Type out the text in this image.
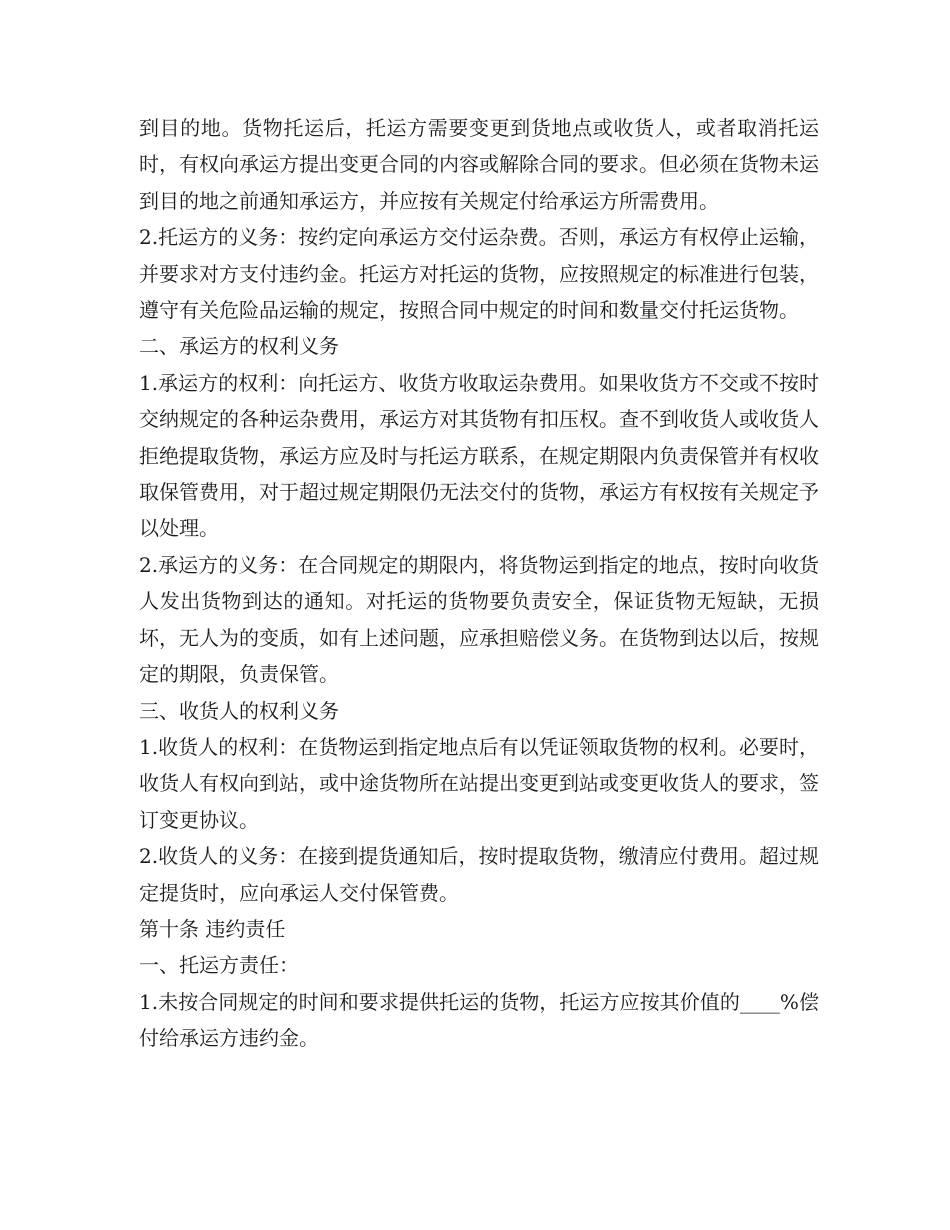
到目的地。货物托运后，托运方需要变更到货地点或收货人，或者取消托运时，有权向承运方提出变更合同的内容或解除合同的要求。但必须在货物未运到目的地之前通知承运方，并应按有关规定付给承运方所需费用。

2.托运方的义务：按约定向承运方交付运杂费。否则，承运方有权停止运输，并要求对方支付违约金。托运方对托运的货物，应按照规定的标准进行包装，遵守有关危险品运输的规定，按照合同中规定的时间和数量交付托运货物。

二、承运方的权利义务

1.承运方的权利：向托运方、收货方收取运杂费用。如果收货方不交或不按时交纳规定的各种运杂费用，承运方对其货物有扣压权。查不到收货人或收货人拒绝提取货物，承运方应及时与托运方联系，在规定期限内负责保管并有权收取保管费用，对于超过规定期限仍无法交付的货物，承运方有权按有关规定予以处理。

2.承运方的义务：在合同规定的期限内，将货物运到指定的地点，按时向收货人发出货物到达的通知。对托运的货物要负责安全，保证货物无短缺，无损坏，无人为的变质，如有上述问题，应承担赔偿义务。在货物到达以后，按规定的期限，负责保管。

三、收货人的权利义务

1.收货人的权利：在货物运到指定地点后有以凭证领取货物的权利。必要时，收货人有权向到站，或中途货物所在站提出变更到站或变更收货人的要求，签订变更协议。

2.收货人的义务：在接到提货通知后，按时提取货物，缴清应付费用。超过规定提货时，应向承运人交付保管费。

第十条 违约责任

一、托运方责任：

1.未按合同规定的时间和要求提供托运的货物，托运方应按其价值的____%偿付给承运方违约金。
